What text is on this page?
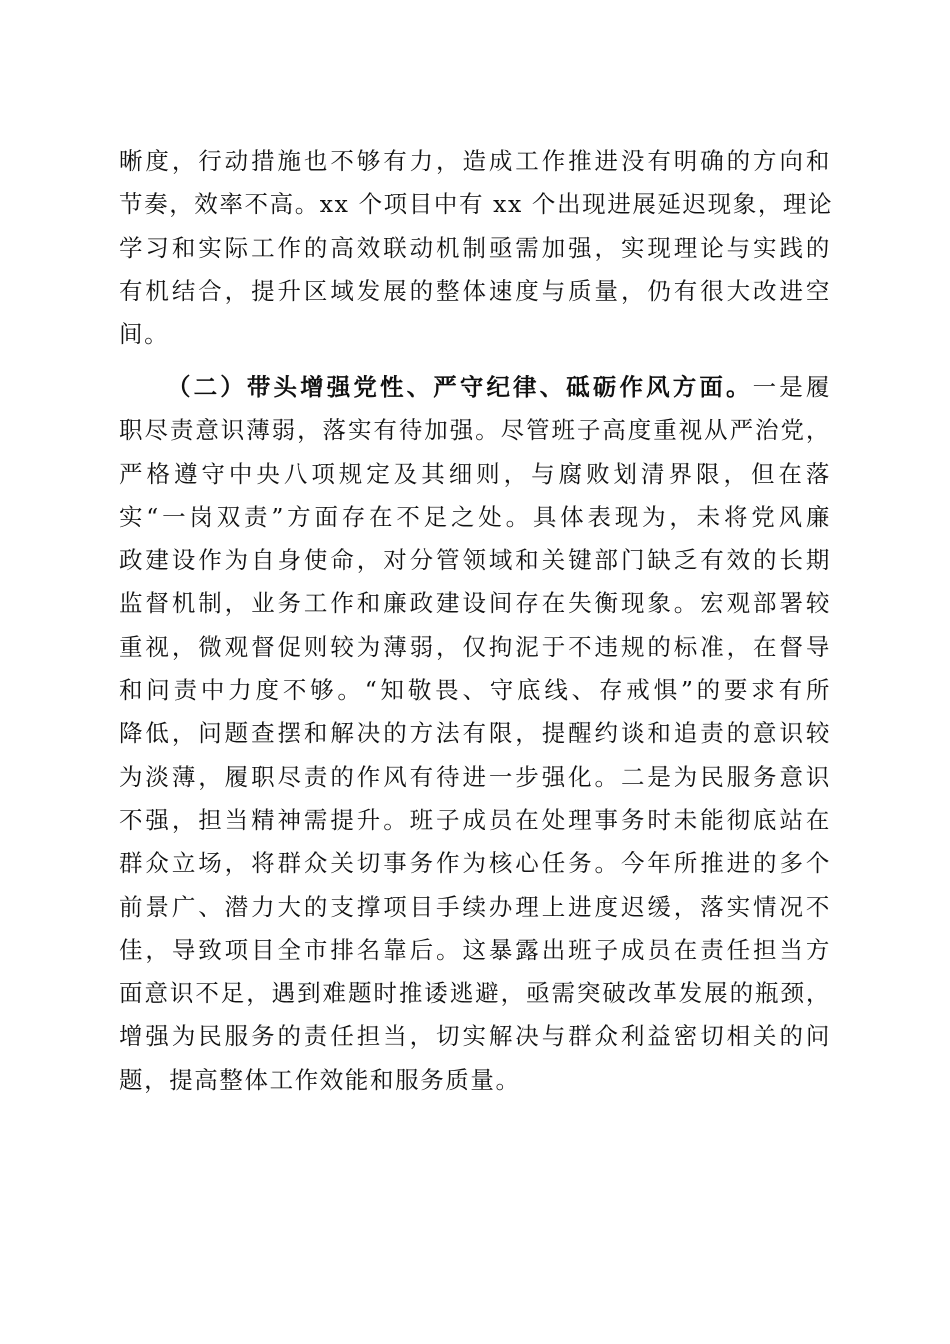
晰度，行动措施也不够有力，造成工作推进没有明确的方向和
节奏，效率不高。xx 个项目中有 xx 个出现进展延迟现象，理论
学习和实际工作的高效联动机制亟需加强，实现理论与实践的
有机结合，提升区域发展的整体速度与质量，仍有很大改进空
间。
（二）带头增强党性、严守纪律、砥砺作风方面。一是履
职尽责意识薄弱，落实有待加强。尽管班子高度重视从严治党，
严格遵守中央八项规定及其细则，与腐败划清界限，但在落
实“一岗双责”方面存在不足之处。具体表现为，未将党风廉
政建设作为自身使命，对分管领域和关键部门缺乏有效的长期
监督机制，业务工作和廉政建设间存在失衡现象。宏观部署较
重视，微观督促则较为薄弱，仅拘泥于不违规的标准，在督导
和问责中力度不够。“知敬畏、守底线、存戒惧”的要求有所
降低，问题查摆和解决的方法有限，提醒约谈和追责的意识较
为淡薄，履职尽责的作风有待进一步强化。二是为民服务意识
不强，担当精神需提升。班子成员在处理事务时未能彻底站在
群众立场，将群众关切事务作为核心任务。今年所推进的多个
前景广、潜力大的支撑项目手续办理上进度迟缓，落实情况不
佳，导致项目全市排名靠后。这暴露出班子成员在责任担当方
面意识不足，遇到难题时推诿逃避，亟需突破改革发展的瓶颈，
增强为民服务的责任担当，切实解决与群众利益密切相关的问
题，提高整体工作效能和服务质量。
